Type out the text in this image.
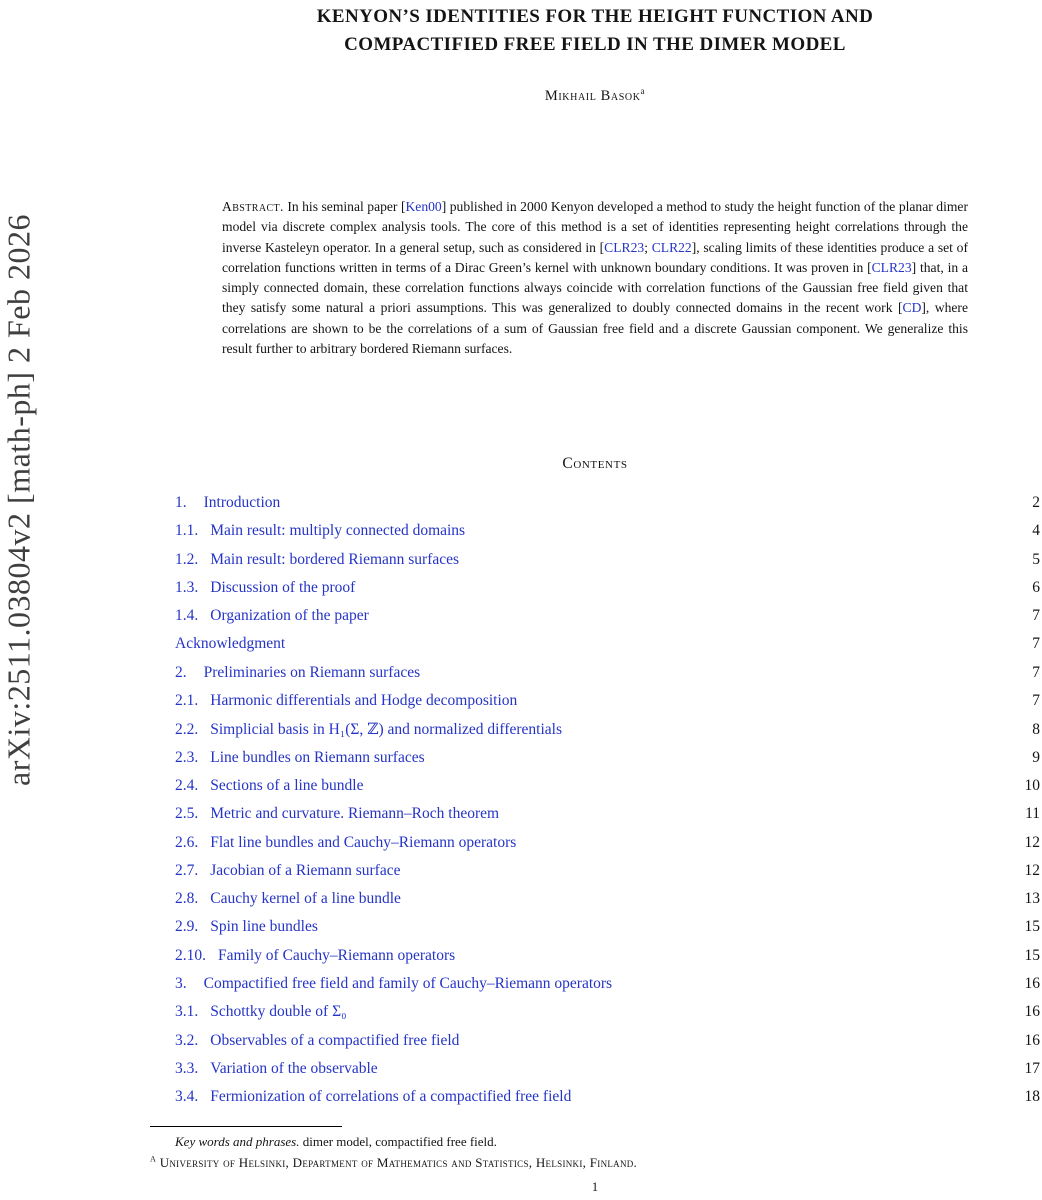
arXiv:2511.03804v2 [math-ph] 2 Feb 2026
KENYON’S IDENTITIES FOR THE HEIGHT FUNCTION AND
COMPACTIFIED FREE FIELD IN THE DIMER MODEL
Mikhail Basok$^a$

Abstract. In his seminal paper [Ken00] published in 2000 Kenyon developed a method to study the height function of the planar dimer model via discrete complex analysis tools. The core of this method is a set of identities representing height correlations through the inverse Kasteleyn operator. In a general setup, such as considered in [CLR23; CLR22], scaling limits of these identities produce a set of correlation functions written in terms of a Dirac Green’s kernel with unknown boundary conditions. It was proven in [CLR23] that, in a simply connected domain, these correlation functions always coincide with correlation functions of the Gaussian free field given that they satisfy some natural a priori assumptions. This was generalized to doubly connected domains in the recent work [CD], where correlations are shown to be the correlations of a sum of Gaussian free field and a discrete Gaussian component. We generalize this result further to arbitrary bordered Riemann surfaces.

Contents
1. Introduction	2
1.1. Main result: multiply connected domains	4
1.2. Main result: bordered Riemann surfaces	5
1.3. Discussion of the proof	6
1.4. Organization of the paper	7
Acknowledgment	7
2. Preliminaries on Riemann surfaces	7
2.1. Harmonic differentials and Hodge decomposition	7
2.2. Simplicial basis in H₁(Σ, ℤ) and normalized differentials	8
2.3. Line bundles on Riemann surfaces	9
2.4. Sections of a line bundle	10
2.5. Metric and curvature. Riemann–Roch theorem	11
2.6. Flat line bundles and Cauchy–Riemann operators	12
2.7. Jacobian of a Riemann surface	12
2.8. Cauchy kernel of a line bundle	13
2.9. Spin line bundles	15
2.10. Family of Cauchy–Riemann operators	15
3. Compactified free field and family of Cauchy–Riemann operators	16
3.1. Schottky double of Σ₀	16
3.2. Observables of a compactified free field	16
3.3. Variation of the observable	17
3.4. Fermionization of correlations of a compactified free field	18
Key words and phrases. dimer model, compactified free field.
$^A$ University of Helsinki, Department of Mathematics and Statistics, Helsinki, Finland.
1
